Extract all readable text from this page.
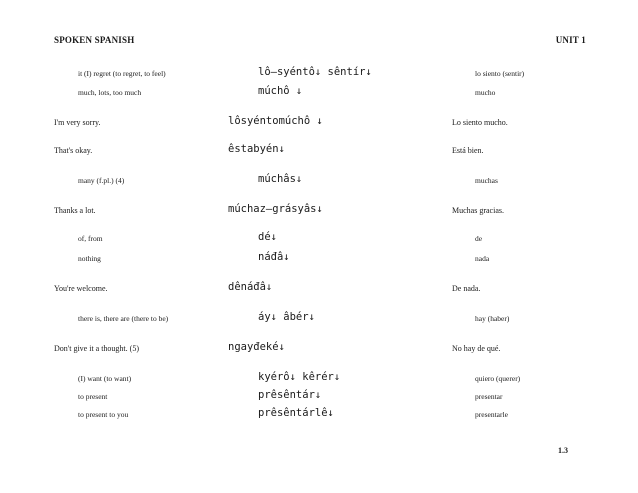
SPOKEN SPANISH	UNIT 1
it (I) regret (to regret, to feel)	lô—syéntô↓ sêntír↓	lo siento (sentir)
much, lots, too much	múchô ↓	mucho
I'm very sorry.	lôsyéntomúchô ↓	Lo siento mucho.
That's okay.	êstabyén↓	Está bien.
many (f.pl.) (4)	múchâs↓	muchas
Thanks a lot.	múchaz—grásyâs↓	Muchas gracias.
of, from	dé↓	de
nothing	náđâ↓	nada
You're welcome.	dênáđâ↓	De nada.
there is, there are (there to be)	áy↓ âbér↓	hay (haber)
Don't give it a thought. (5)	ngayđeké↓	No hay de qué.
(I) want (to want)	kyérô↓ kêrér↓	quiero (querer)
to present	prêsêntár↓	presentar
to present to you	prêsêntárlê↓	presentarle
1.3
